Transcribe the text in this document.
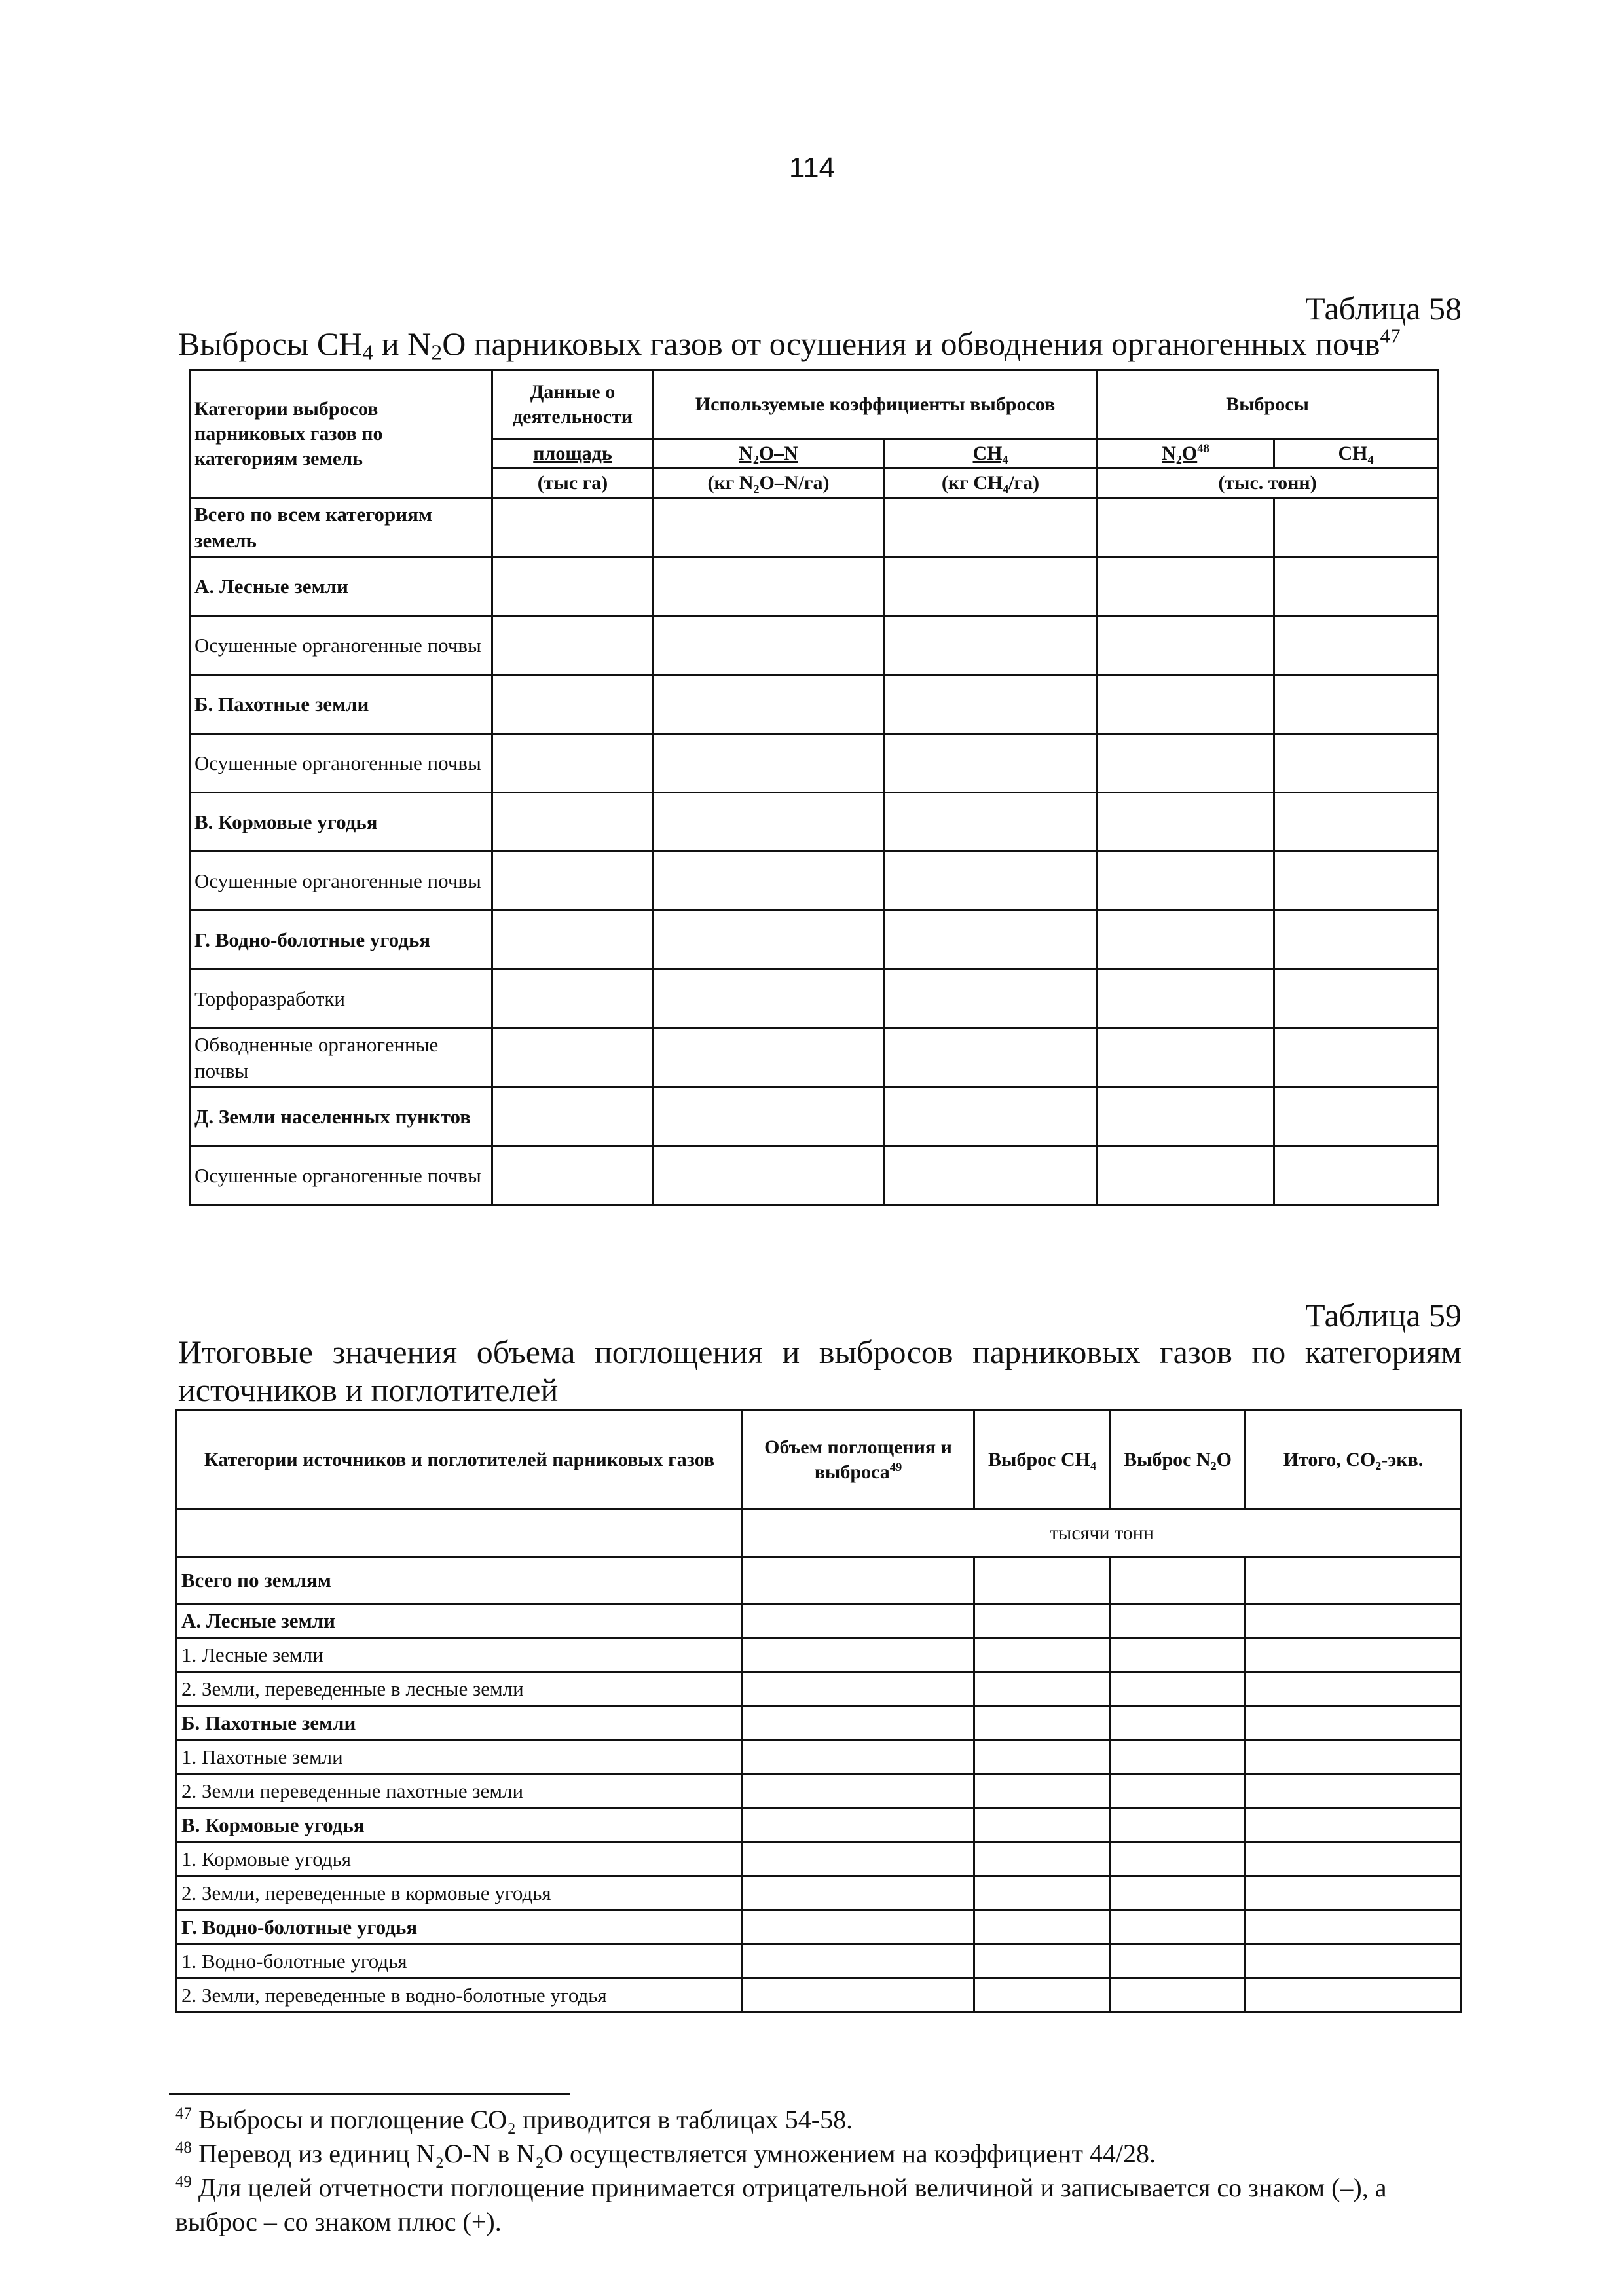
114
Таблица 58
Выбросы $CH_4$ и $N_2O$ парниковых газов от осушения и обводнения органогенных почв$^{47}$
Категории выбросов парниковых газов по категориям земель	Данные о деятельности	Используемые коэффициенты выбросов		Выбросы	
	площадь	N₂O–N	CH₄	$N_2O^{48}$	CH₄
	(тыс га)	(кг N₂O–N/га)	(кг CH₄/га)	(тыс. тонн)	
Всего по всем категориям земель					
А. Лесные земли					
Осушенные органогенные почвы					
Б. Пахотные земли					
Осушенные органогенные почвы					
В. Кормовые угодья					
Осушенные органогенные почвы					
Г. Водно-болотные угодья					
Торфоразработки					
Обводненные органогенные почвы					
Д. Земли населенных пунктов					
Осушенные органогенные почвы					
Таблица 59
Итоговые значения объема поглощения и выбросов парниковых газов по категориям источников и поглотителей
Категории источников и поглотителей парниковых газов	Объем поглощения и выброса$^{49}$	Выброс CH₄	Выброс N₂O	Итого, CO₂-экв.
	тысячи тонн			
Всего по землям				
А. Лесные земли				
1. Лесные земли				
2. Земли, переведенные в лесные земли				
Б. Пахотные земли				
1. Пахотные земли				
2. Земли переведенные пахотные земли				
В. Кормовые угодья				
1. Кормовые угодья				
2. Земли, переведенные в кормовые угодья				
Г. Водно-болотные угодья				
1. Водно-болотные угодья				
2. Земли, переведенные в водно-болотные угодья				
$^{47}$ Выбросы и поглощение CO₂ приводится в таблицах 54-58.
$^{48}$ Перевод из единиц N₂O-N в N₂O осуществляется умножением на коэффициент 44/28.
$^{49}$ Для целей отчетности поглощение принимается отрицательной величиной и записывается со знаком (–), а выброс – со знаком плюс (+).
